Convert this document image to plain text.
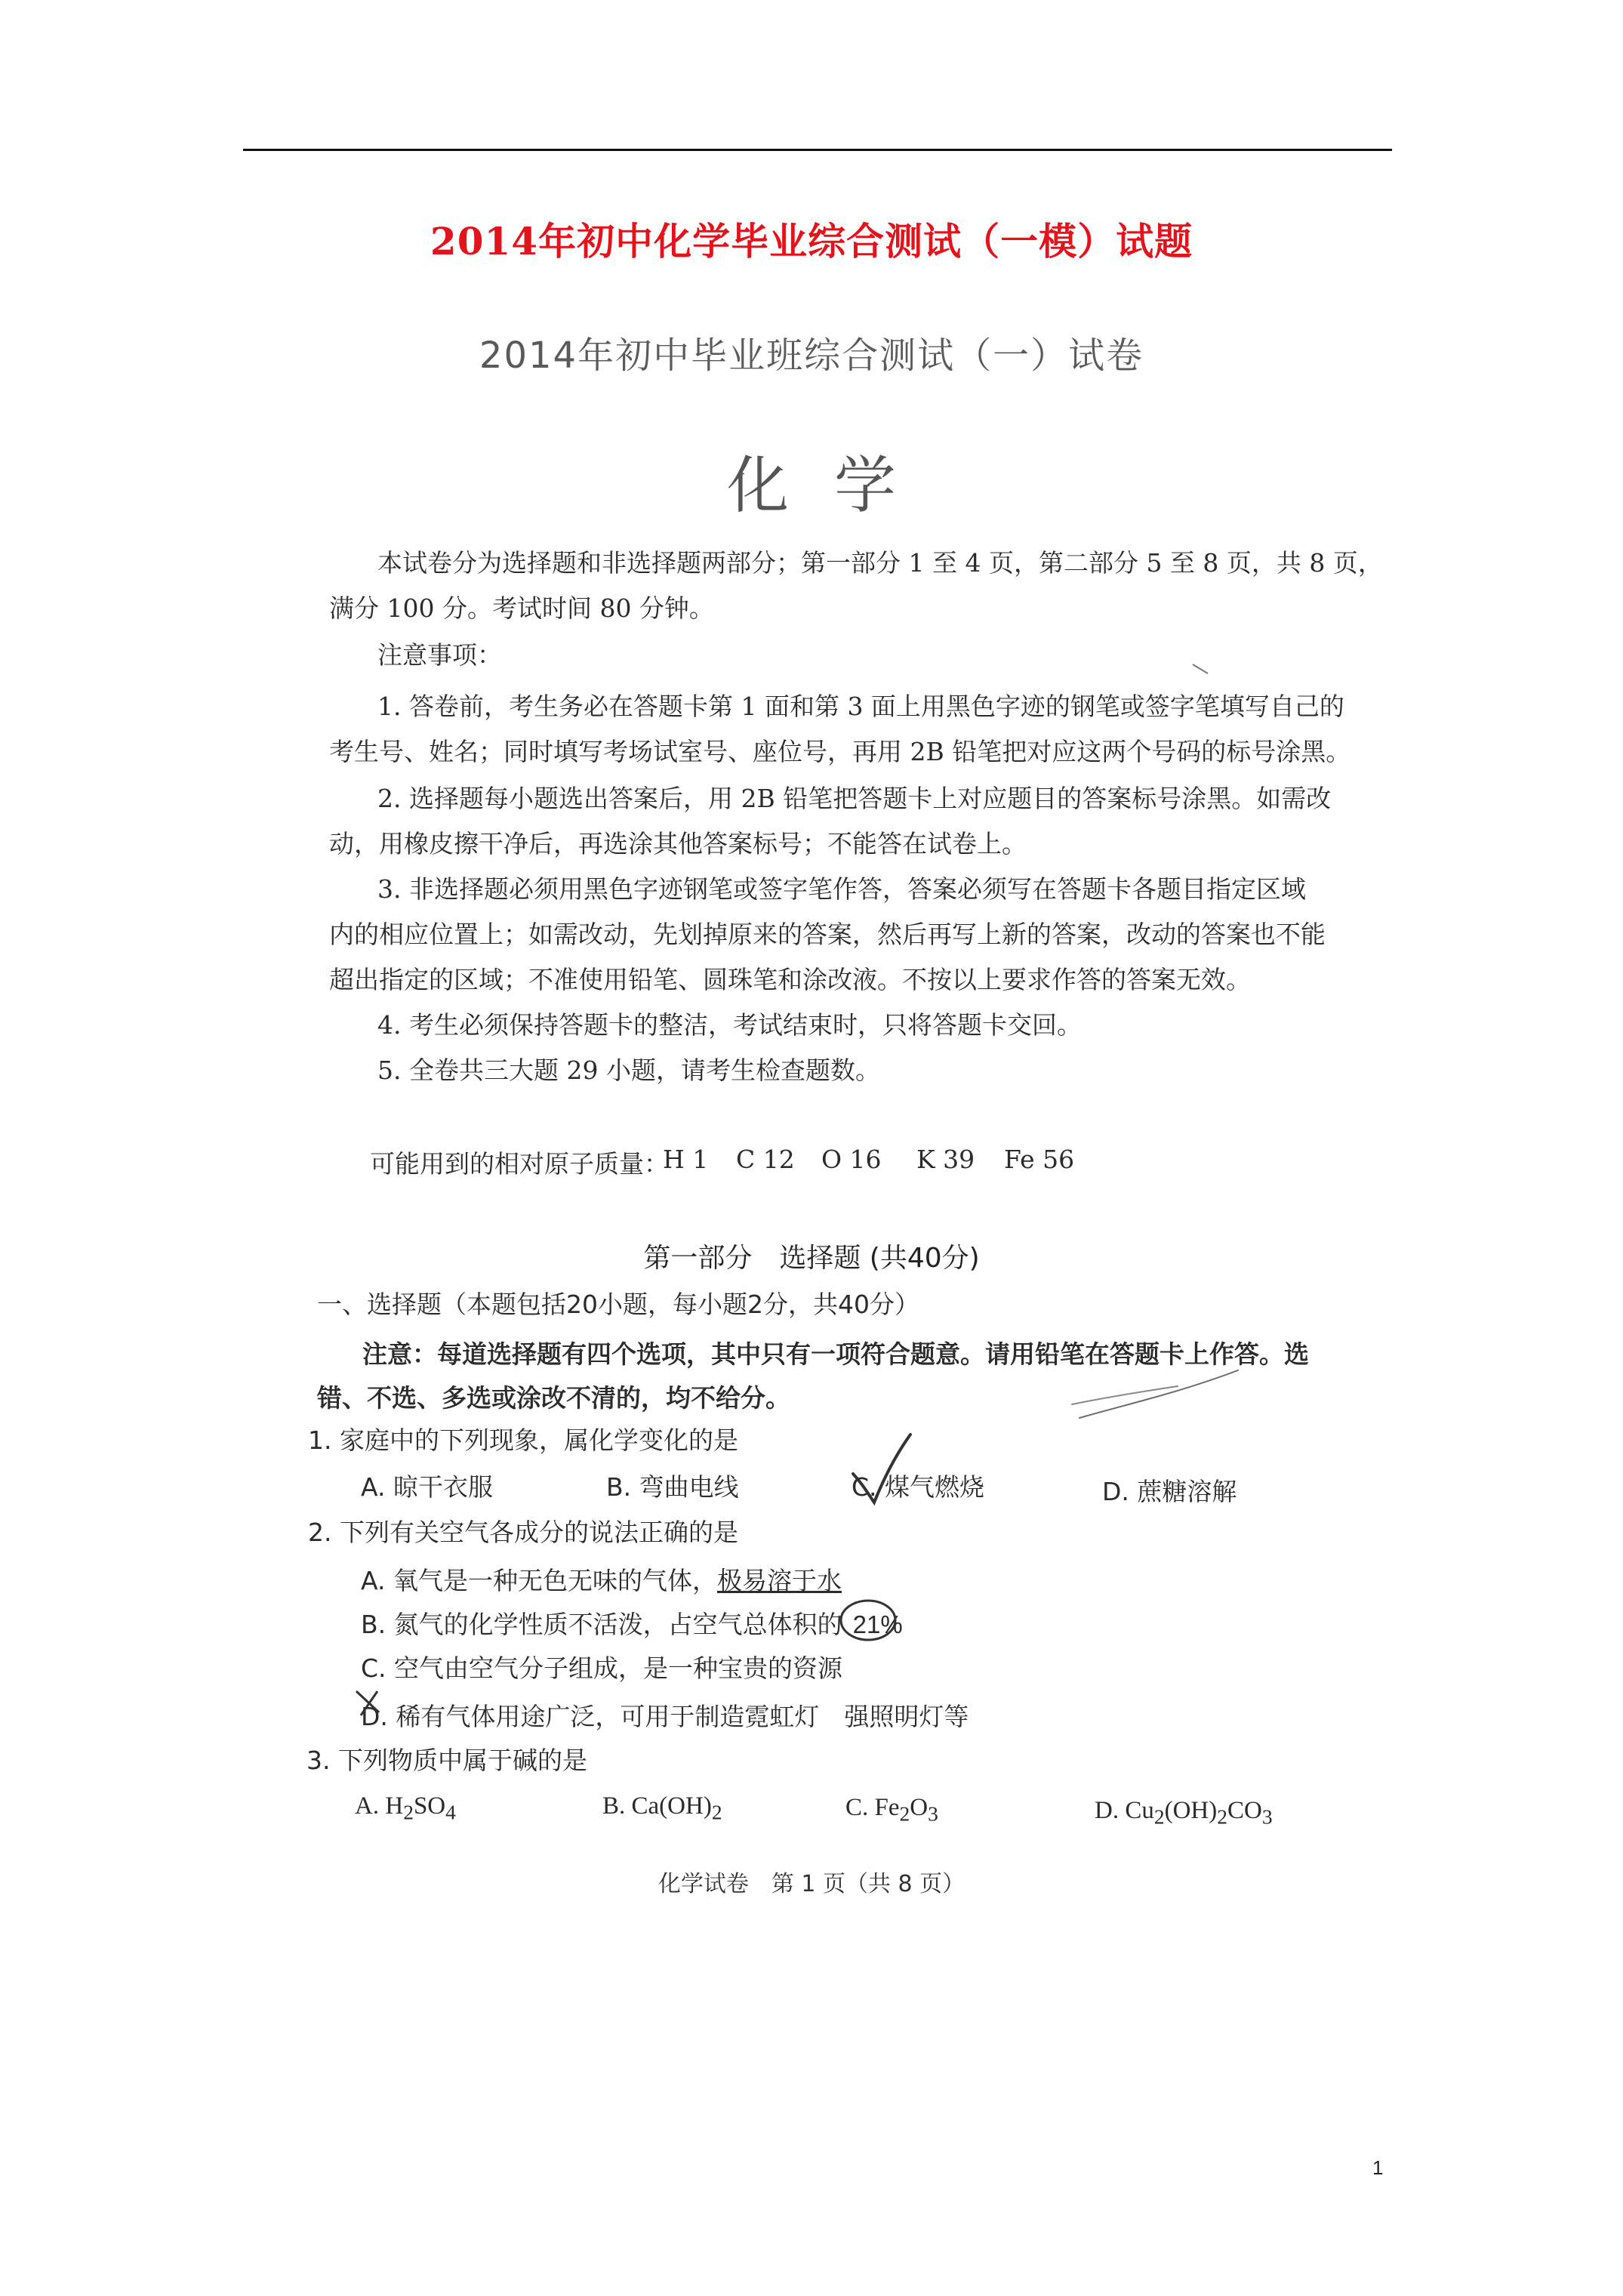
2014年初中化学毕业综合测试（一模）试题
2014年初中毕业班综合测试（一）试卷
化学
本试卷分为选择题和非选择题两部分；第一部分 1 至 4 页，第二部分 5 至 8 页，共 8 页，
满分 100 分。考试时间 80 分钟。
注意事项：
1. 答卷前，考生务必在答题卡第 1 面和第 3 面上用黑色字迹的钢笔或签字笔填写自己的
考生号、姓名；同时填写考场试室号、座位号，再用 2B 铅笔把对应这两个号码的标号涂黑。
2. 选择题每小题选出答案后，用 2B 铅笔把答题卡上对应题目的答案标号涂黑。如需改
动，用橡皮擦干净后，再选涂其他答案标号；不能答在试卷上。
3. 非选择题必须用黑色字迹钢笔或签字笔作答，答案必须写在答题卡各题目指定区域
内的相应位置上；如需改动，先划掉原来的答案，然后再写上新的答案，改动的答案也不能
超出指定的区域；不准使用铅笔、圆珠笔和涂改液。不按以上要求作答的答案无效。
4. 考生必须保持答题卡的整洁，考试结束时，只将答题卡交回。
5. 全卷共三大题 29 小题，请考生检查题数。
可能用到的相对原子质量：
H 1 C 12 O 16 K 39 Fe 56
第一部分　选择题 (共40分)
一、选择题（本题包括20小题，每小题2分，共40分）
注意：每道选择题有四个选项，其中只有一项符合题意。请用铅笔在答题卡上作答。选
错、不选、多选或涂改不清的，均不给分。
1. 家庭中的下列现象，属化学变化的是
A. 晾干衣服	B. 弯曲电线	C. 煤气燃烧	D. 蔗糖溶解
2. 下列有关空气各成分的说法正确的是
A. 氧气是一种无色无味的气体，极易溶于水
B. 氮气的化学性质不活泼，占空气总体积的 21%
C. 空气由空气分子组成，是一种宝贵的资源
D. 稀有气体用途广泛，可用于制造霓虹灯　强照明灯等
3. 下列物质中属于碱的是
A. $H_2SO_4$	B. $Ca(OH)_2$	C. $Fe_2O_3$	D. $Cu_2(OH)_2CO_3$
化学试卷　第 1 页（共 8 页）
1
